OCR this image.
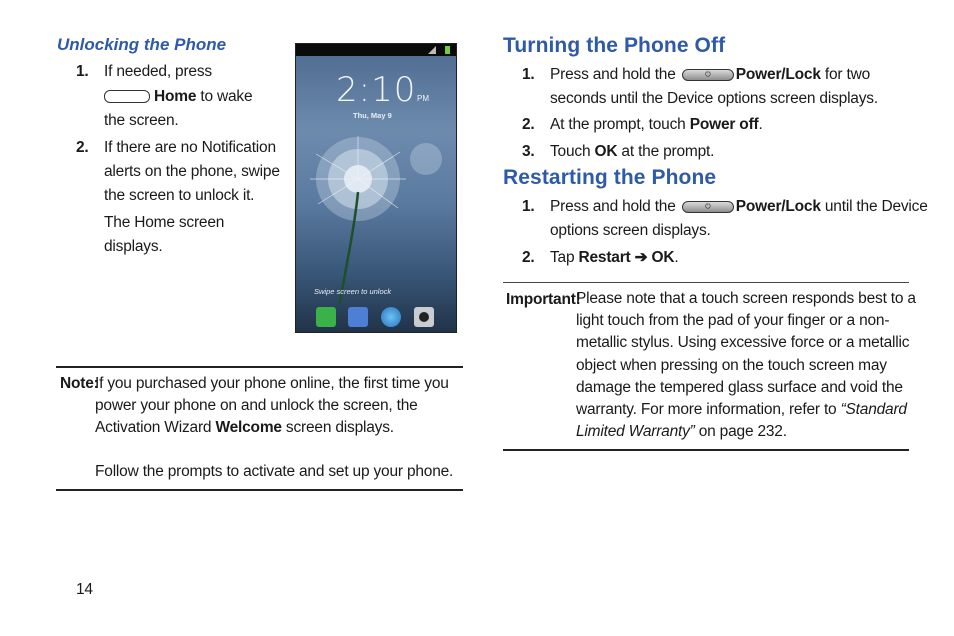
Unlocking the Phone
1. If needed, press
Home to wake
the screen.
2. If there are no Notification
alerts on the phone, swipe
the screen to unlock it.
The Home screen
displays.
2:10 PM
Thu, May 9
Swipe screen to unlock
Note:
If you purchased your phone online, the first time you
power your phone on and unlock the screen, the
Activation Wizard Welcome screen displays.
Follow the prompts to activate and set up your phone.
Turning the Phone Off
1. Press and hold the	⏻ Power/Lock for two
seconds until the Device options screen displays.
2. At the prompt, touch Power off.
3. Touch OK at the prompt.
Restarting the Phone
1. Press and hold the	⏻ Power/Lock until the Device
options screen displays.
2. Tap Restart ➔ OK.
Important!
Please note that a touch screen responds best to a
light touch from the pad of your finger or a non-
metallic stylus. Using excessive force or a metallic
object when pressing on the touch screen may
damage the tempered glass surface and void the
warranty. For more information, refer to “Standard
Limited Warranty” on page 232.
14
